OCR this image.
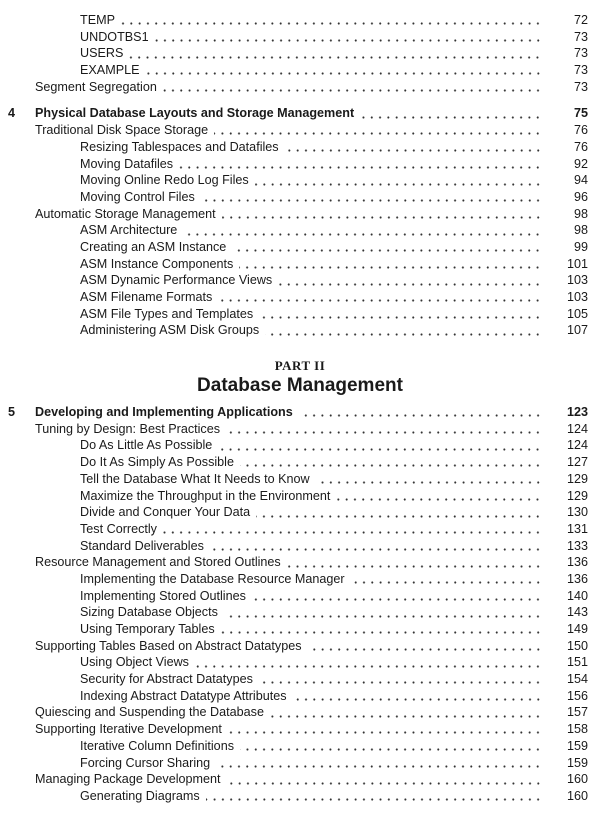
TEMP	72
UNDOTBS1	73
USERS	73
EXAMPLE	73
Segment Segregation	73
4 Physical Database Layouts and Storage Management	75
Traditional Disk Space Storage	76
Resizing Tablespaces and Datafiles	76
Moving Datafiles	92
Moving Online Redo Log Files	94
Moving Control Files	96
Automatic Storage Management	98
ASM Architecture	98
Creating an ASM Instance	99
ASM Instance Components	101
ASM Dynamic Performance Views	103
ASM Filename Formats	103
ASM File Types and Templates	105
Administering ASM Disk Groups	107
PART II
Database Management
5 Developing and Implementing Applications	123
Tuning by Design: Best Practices	124
Do As Little As Possible	124
Do It As Simply As Possible	127
Tell the Database What It Needs to Know	129
Maximize the Throughput in the Environment	129
Divide and Conquer Your Data	130
Test Correctly	131
Standard Deliverables	133
Resource Management and Stored Outlines	136
Implementing the Database Resource Manager	136
Implementing Stored Outlines	140
Sizing Database Objects	143
Using Temporary Tables	149
Supporting Tables Based on Abstract Datatypes	150
Using Object Views	151
Security for Abstract Datatypes	154
Indexing Abstract Datatype Attributes	156
Quiescing and Suspending the Database	157
Supporting Iterative Development	158
Iterative Column Definitions	159
Forcing Cursor Sharing	159
Managing Package Development	160
Generating Diagrams	160
